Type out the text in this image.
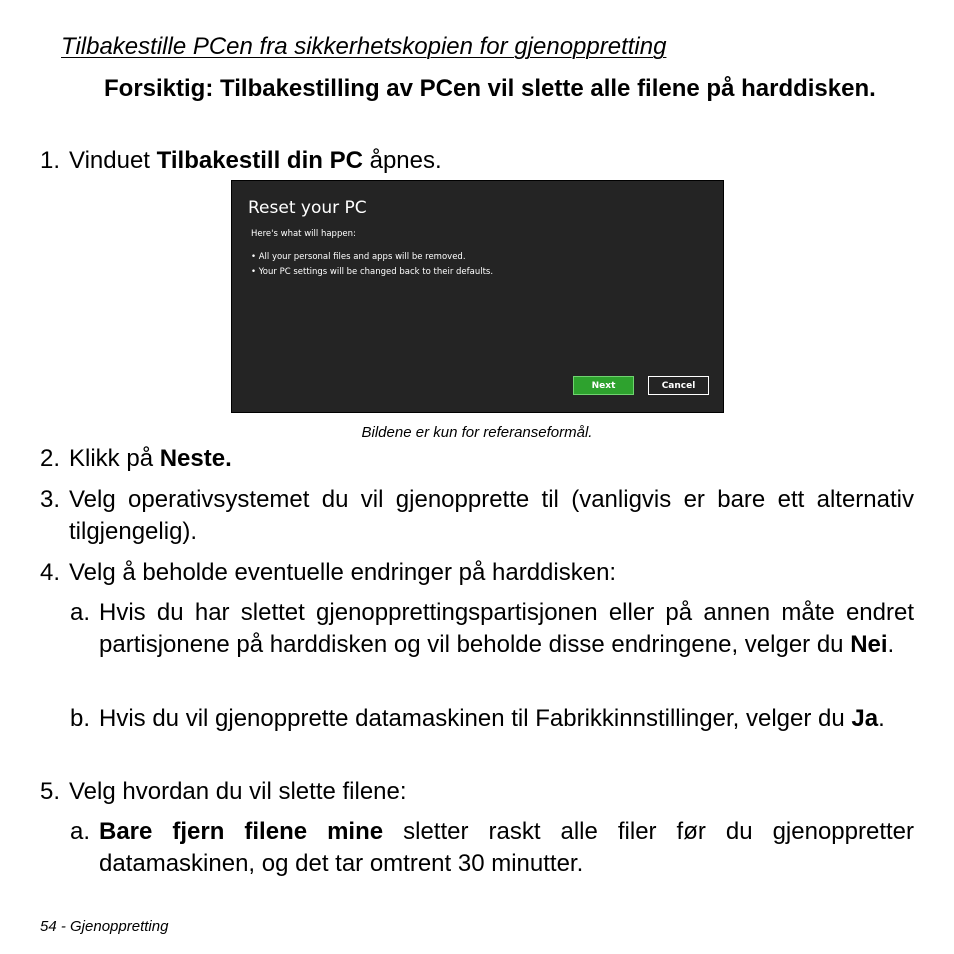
Tilbakestille PCen fra sikkerhetskopien for gjenoppretting
Forsiktig: Tilbakestilling av PCen vil slette alle filene på harddisken.
1. Vinduet Tilbakestill din PC åpnes.
Reset your PC
Here's what will happen:
• All your personal files and apps will be removed.
• Your PC settings will be changed back to their defaults.
Next	Cancel
Bildene er kun for referanseformål.
2. Klikk på Neste.
3. Velg operativsystemet du vil gjenopprette til (vanligvis er bare ett alternativ tilgjengelig).
4. Velg å beholde eventuelle endringer på harddisken:
a. Hvis du har slettet gjenopprettingspartisjonen eller på annen måte endret partisjonene på harddisken og vil beholde disse endringene, velger du Nei.
b. Hvis du vil gjenopprette datamaskinen til Fabrikkinnstillinger, velger du Ja.
5. Velg hvordan du vil slette filene:
a. Bare fjern filene mine sletter raskt alle filer før du gjenoppretter datamaskinen, og det tar omtrent 30 minutter.
54 - Gjenoppretting
